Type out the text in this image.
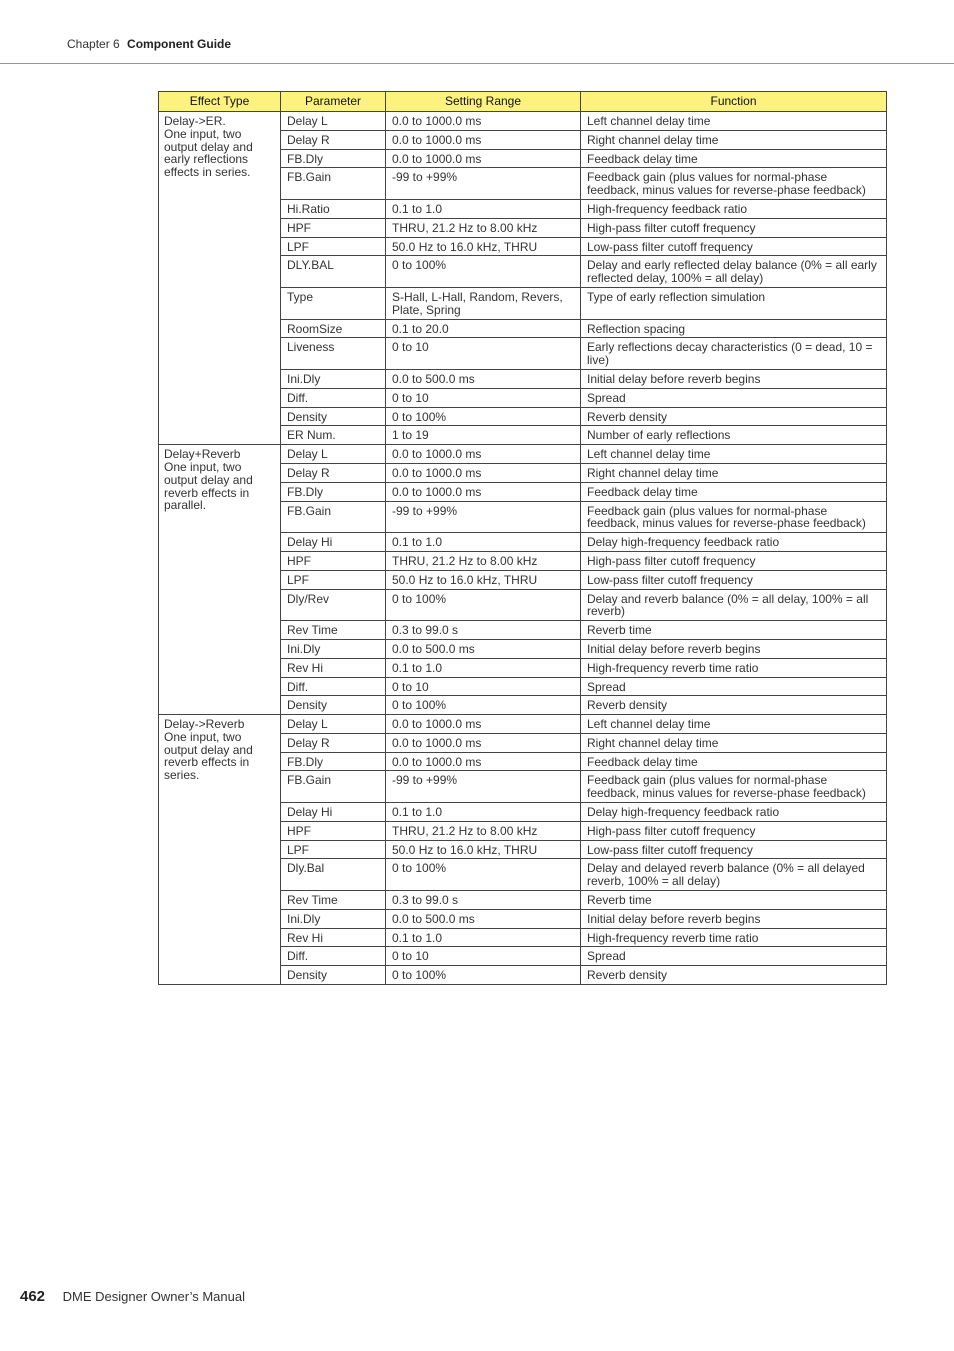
Chapter 6 Component Guide
Effect Type	Parameter	Setting Range	Function
Delay->ER.
One input, two output delay and early reflections effects in series.	Delay L	0.0 to 1000.0 ms	Left channel delay time
	Delay R	0.0 to 1000.0 ms	Right channel delay time
	FB.Dly	0.0 to 1000.0 ms	Feedback delay time
	FB.Gain	-99 to +99%	Feedback gain (plus values for normal-phase feedback, minus values for reverse-phase feedback)
	Hi.Ratio	0.1 to 1.0	High-frequency feedback ratio
	HPF	THRU, 21.2 Hz to 8.00 kHz	High-pass filter cutoff frequency
	LPF	50.0 Hz to 16.0 kHz, THRU	Low-pass filter cutoff frequency
	DLY.BAL	0 to 100%	Delay and early reflected delay balance (0% = all early reflected delay, 100% = all delay)
	Type	S-Hall, L-Hall, Random, Revers, Plate, Spring	Type of early reflection simulation
	RoomSize	0.1 to 20.0	Reflection spacing
	Liveness	0 to 10	Early reflections decay characteristics (0 = dead, 10 = live)
	Ini.Dly	0.0 to 500.0 ms	Initial delay before reverb begins
	Diff.	0 to 10	Spread
	Density	0 to 100%	Reverb density
	ER Num.	1 to 19	Number of early reflections
Delay+Reverb
One input, two output delay and reverb effects in parallel.	Delay L	0.0 to 1000.0 ms	Left channel delay time
	Delay R	0.0 to 1000.0 ms	Right channel delay time
	FB.Dly	0.0 to 1000.0 ms	Feedback delay time
	FB.Gain	-99 to +99%	Feedback gain (plus values for normal-phase feedback, minus values for reverse-phase feedback)
	Delay Hi	0.1 to 1.0	Delay high-frequency feedback ratio
	HPF	THRU, 21.2 Hz to 8.00 kHz	High-pass filter cutoff frequency
	LPF	50.0 Hz to 16.0 kHz, THRU	Low-pass filter cutoff frequency
	Dly/Rev	0 to 100%	Delay and reverb balance (0% = all delay, 100% = all reverb)
	Rev Time	0.3 to 99.0 s	Reverb time
	Ini.Dly	0.0 to 500.0 ms	Initial delay before reverb begins
	Rev Hi	0.1 to 1.0	High-frequency reverb time ratio
	Diff.	0 to 10	Spread
	Density	0 to 100%	Reverb density
Delay->Reverb
One input, two output delay and reverb effects in series.	Delay L	0.0 to 1000.0 ms	Left channel delay time
	Delay R	0.0 to 1000.0 ms	Right channel delay time
	FB.Dly	0.0 to 1000.0 ms	Feedback delay time
	FB.Gain	-99 to +99%	Feedback gain (plus values for normal-phase feedback, minus values for reverse-phase feedback)
	Delay Hi	0.1 to 1.0	Delay high-frequency feedback ratio
	HPF	THRU, 21.2 Hz to 8.00 kHz	High-pass filter cutoff frequency
	LPF	50.0 Hz to 16.0 kHz, THRU	Low-pass filter cutoff frequency
	Dly.Bal	0 to 100%	Delay and delayed reverb balance (0% = all delayed reverb, 100% = all delay)
	Rev Time	0.3 to 99.0 s	Reverb time
	Ini.Dly	0.0 to 500.0 ms	Initial delay before reverb begins
	Rev Hi	0.1 to 1.0	High-frequency reverb time ratio
	Diff.	0 to 10	Spread
	Density	0 to 100%	Reverb density
462 DME Designer Owner’s Manual
